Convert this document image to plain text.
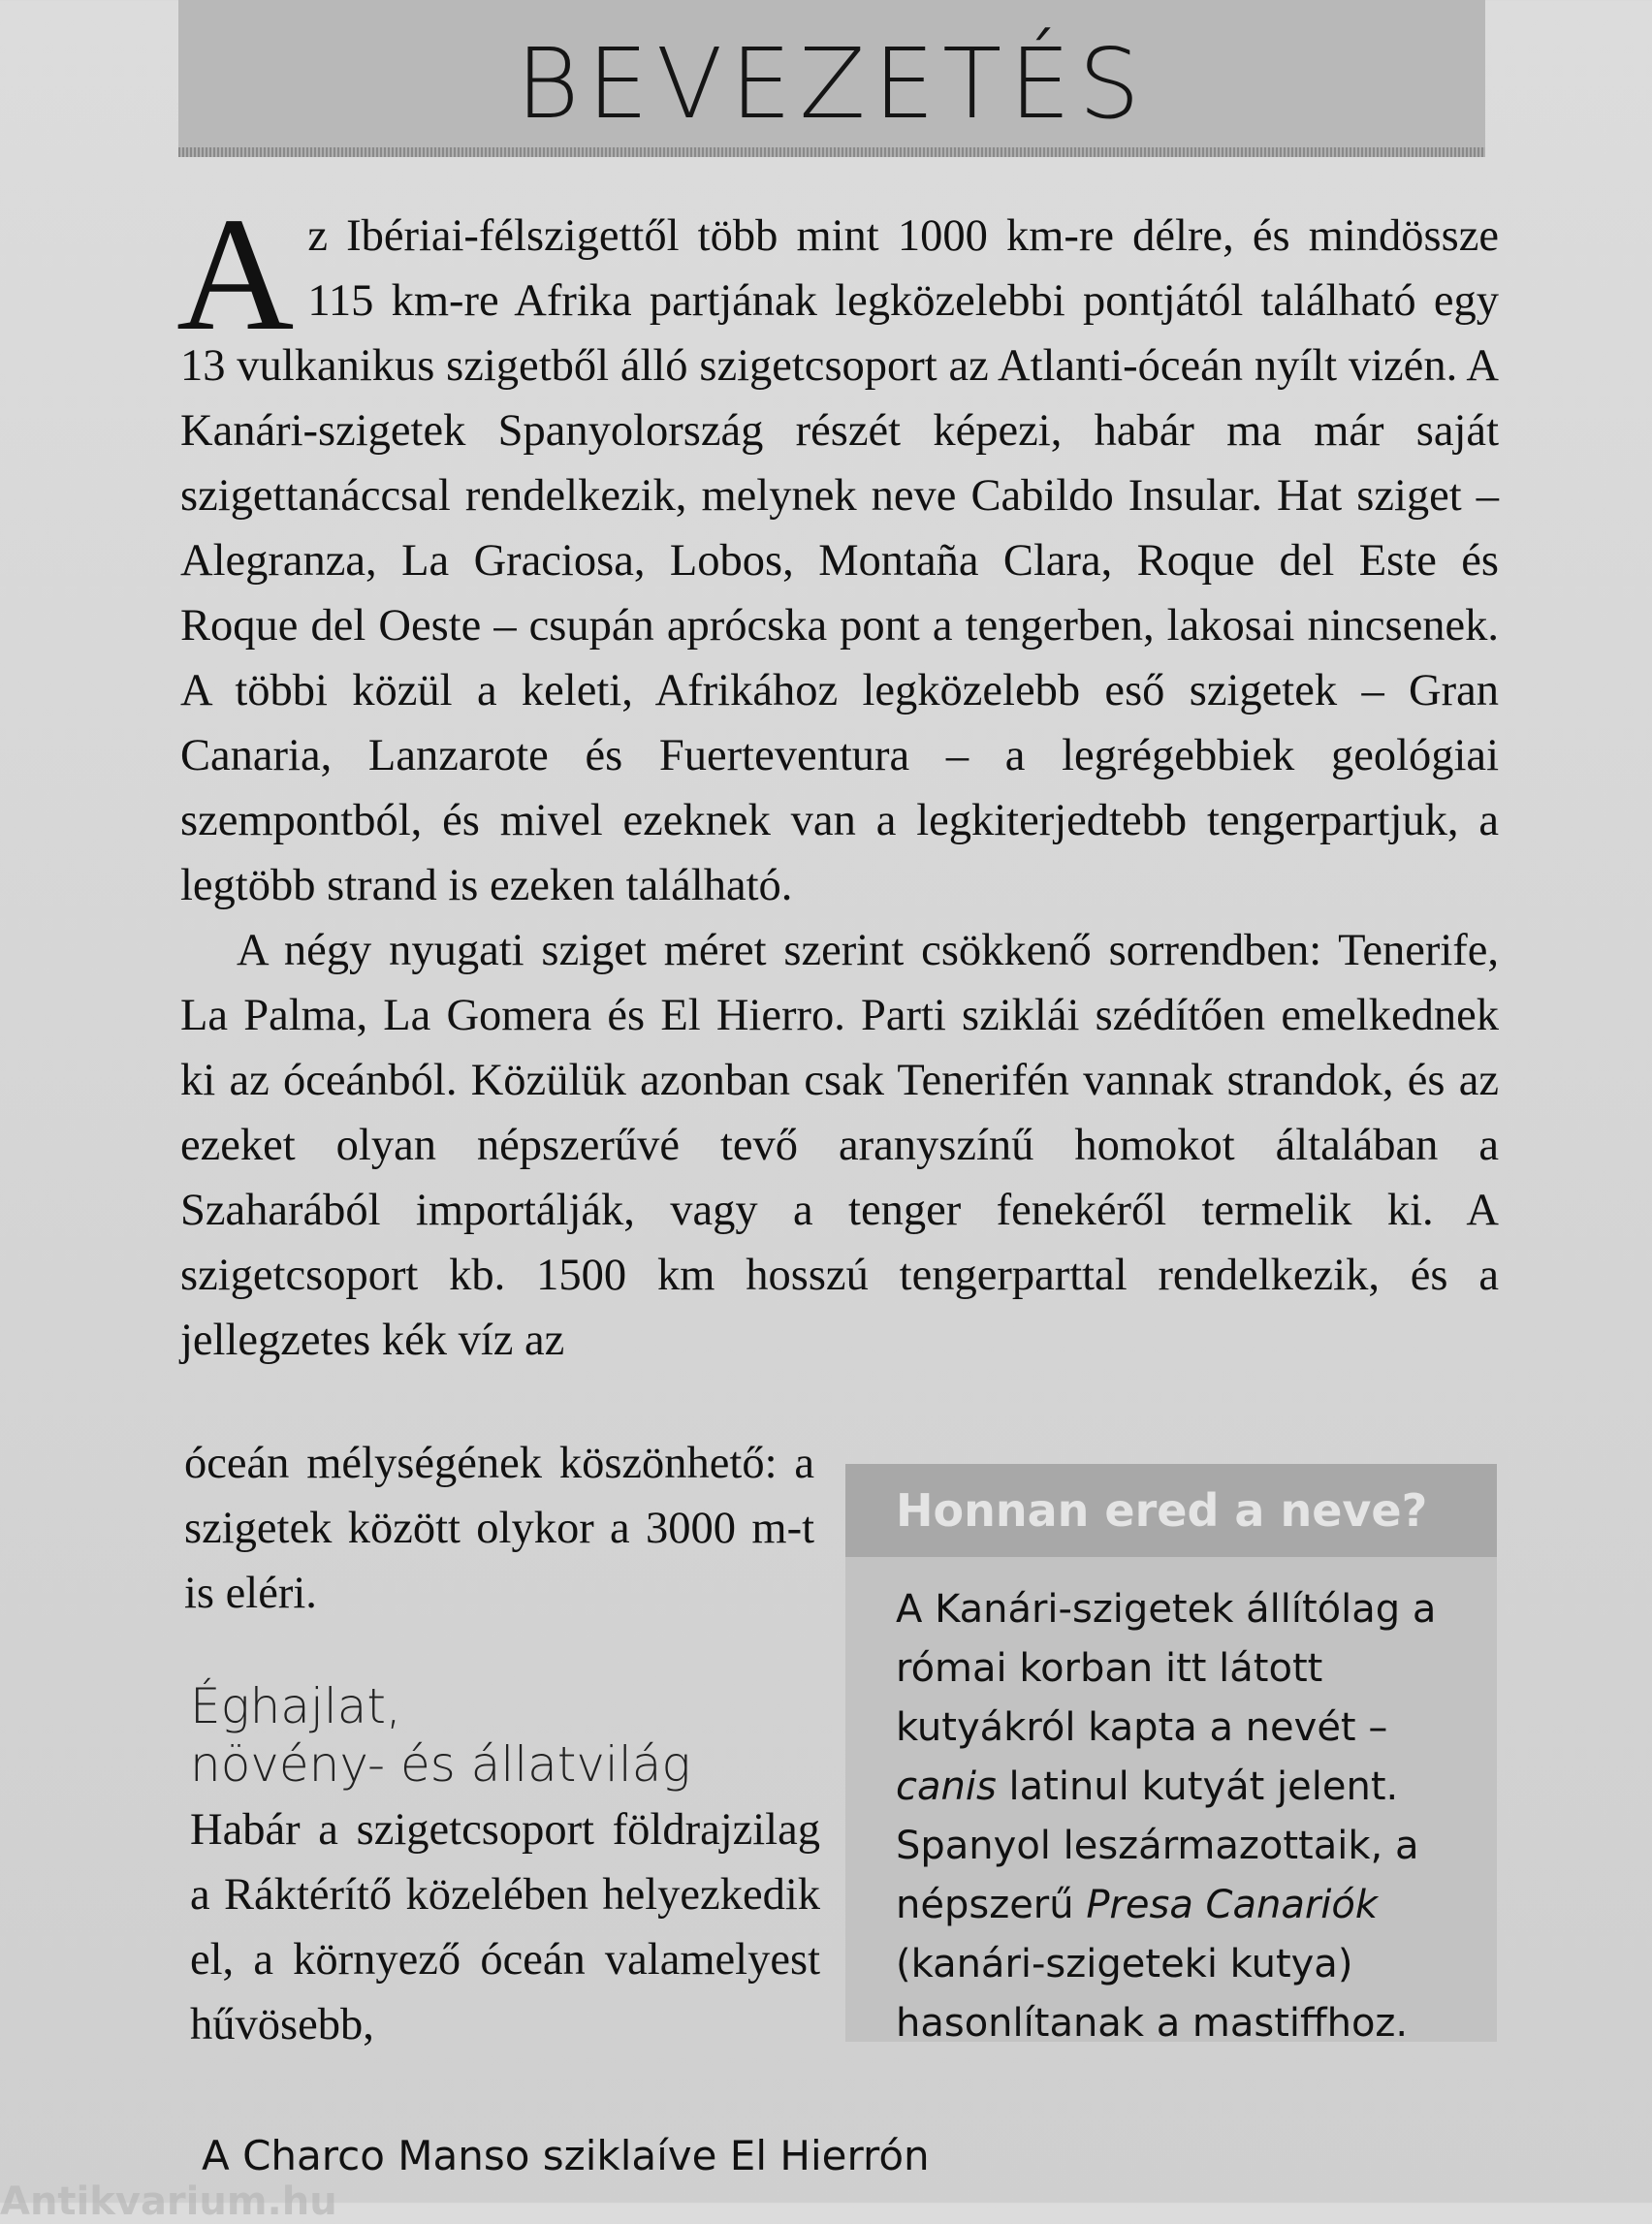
BEVEZETÉS

Az Ibériai-félszigettől több mint 1000 km-re délre, és mindössze 115 km-re Afrika partjának legközelebbi pontjától található egy 13 vulkanikus szigetből álló szigetcsoport az Atlanti-óceán nyílt vizén. A Kanári-szigetek Spanyolország részét képezi, habár ma már saját szigettanáccsal rendelkezik, melynek neve Cabildo Insular. Hat sziget – Alegranza, La Graciosa, Lobos, Montaña Clara, Roque del Este és Roque del Oeste – csupán aprócska pont a tengerben, lakosai nincsenek. A többi közül a keleti, Afrikához legközelebb eső szigetek – Gran Canaria, Lanzarote és Fuerteventura – a legrégebbiek geológiai szempontból, és mivel ezeknek van a legkiterjedtebb tengerpartjuk, a legtöbb strand is ezeken található.

A négy nyugati sziget méret szerint csökkenő sorrendben: Tenerife, La Palma, La Gomera és El Hierro. Parti sziklái szédítően emelkednek ki az óceánból. Közülük azonban csak Tenerifén vannak strandok, és az ezeket olyan népszerűvé tevő aranyszínű homokot általában a Szaharából importálják, vagy a tenger fenekéről termelik ki. A szigetcsoport kb. 1500 km hosszú tengerparttal rendelkezik, és a jellegzetes kék víz az

óceán mélységének köszönhető: a szigetek között olykor a 3000 m-t is eléri.

Éghajlat,
növény- és állatvilág

Habár a szigetcsoport földrajzilag a Ráktérítő közelében helyezkedik el, a környező óceán valamelyest hűvösebb,

Honnan ered a neve?
A Kanári-szigetek állítólag a római korban itt látott kutyákról kapta a nevét – canis latinul kutyát jelent. Spanyol leszármazottaik, a népszerű Presa Canariók (kanári-szigeteki kutya) hasonlítanak a mastiffhoz.
A Charco Manso sziklaíve El Hierrón
Antikvarium.hu
